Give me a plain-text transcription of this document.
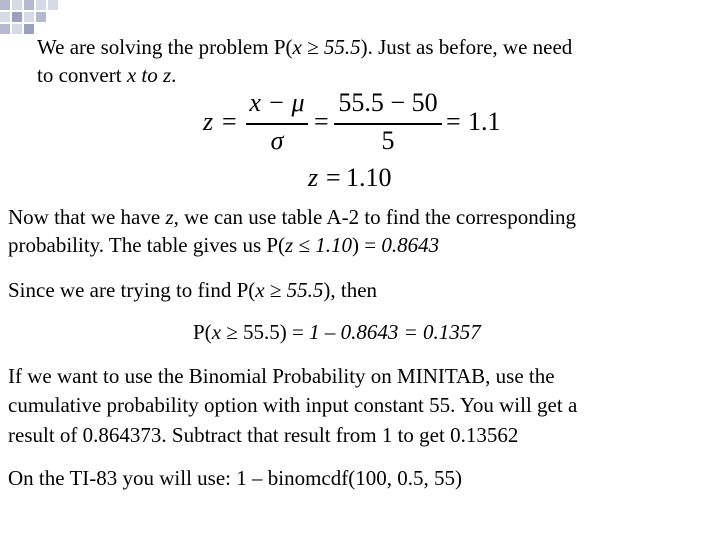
We are solving the problem P(x ≥ 55.5). Just as before, we need

to convert x to z.

z =
x − μ
σ
=
55.5 − 50
5
= 1.1
z = 1.10

Now that we have z, we can use table A-2 to find the corresponding

probability. The table gives us P(z ≤ 1.10) = 0.8643

Since we are trying to find P(x ≥ 55.5), then

P(x ≥ 55.5) = 1 – 0.8643 = 0.1357

If we want to use the Binomial Probability on MINITAB, use the

cumulative probability option with input constant 55. You will get a

result of 0.864373. Subtract that result from 1 to get 0.13562

On the TI-83 you will use: 1 – binomcdf(100, 0.5, 55)
